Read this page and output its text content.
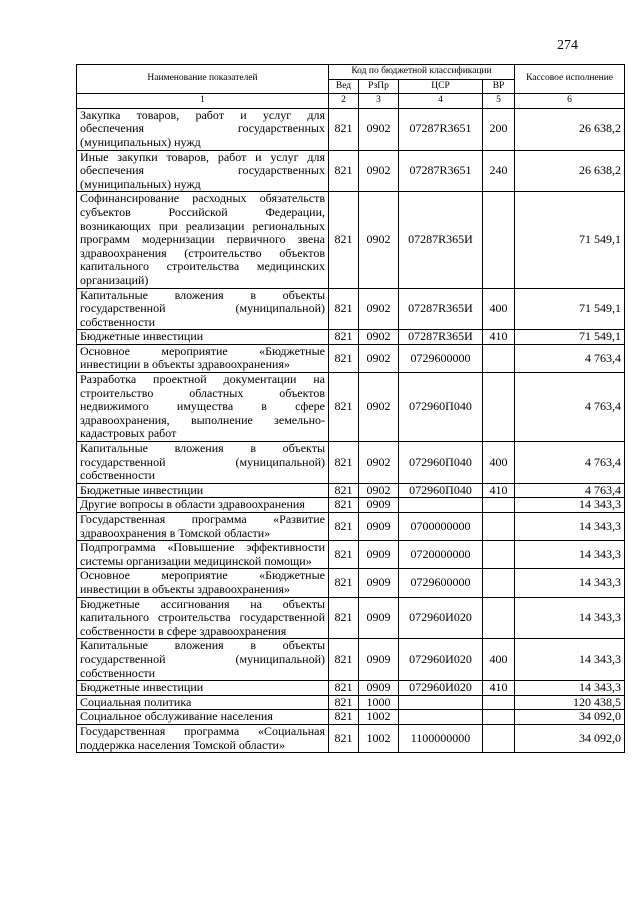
274
Наименование показателей	Код по бюджетной классификации				Кассовое исполнение
	Вед	РзПр	ЦСР	ВР	
1	2	3	4	5	6
Закупка товаров, работ и услуг для обеспечения государственных (муниципальных) нужд	821	0902	07287R3651	200	26 638,2
Иные закупки товаров, работ и услуг для обеспечения государственных (муниципальных) нужд	821	0902	07287R3651	240	26 638,2
Софинансирование расходных обязательств субъектов Российской Федерации, возникающих при реализации региональных программ модернизации первичного звена здравоохранения (строительство объектов капитального строительства медицинских организаций)	821	0902	07287R365И		71 549,1
Капитальные вложения в объекты государственной (муниципальной) собственности	821	0902	07287R365И	400	71 549,1
Бюджетные инвестиции	821	0902	07287R365И	410	71 549,1
Основное мероприятие «Бюджетные инвестиции в объекты здравоохранения»	821	0902	0729600000		4 763,4
Разработка проектной документации на строительство областных объектов недвижимого имущества в сфере здравоохранения, выполнение земельно-кадастровых работ	821	0902	072960П040		4 763,4
Капитальные вложения в объекты государственной (муниципальной) собственности	821	0902	072960П040	400	4 763,4
Бюджетные инвестиции	821	0902	072960П040	410	4 763,4
Другие вопросы в области здравоохранения	821	0909			14 343,3
Государственная программа «Развитие здравоохранения в Томской области»	821	0909	0700000000		14 343,3
Подпрограмма «Повышение эффективности системы организации медицинской помощи»	821	0909	0720000000		14 343,3
Основное мероприятие «Бюджетные инвестиции в объекты здравоохранения»	821	0909	0729600000		14 343,3
Бюджетные ассигнования на объекты капитального строительства государственной собственности в сфере здравоохранения	821	0909	072960И020		14 343,3
Капитальные вложения в объекты государственной (муниципальной) собственности	821	0909	072960И020	400	14 343,3
Бюджетные инвестиции	821	0909	072960И020	410	14 343,3
Социальная политика	821	1000			120 438,5
Социальное обслуживание населения	821	1002			34 092,0
Государственная программа «Социальная поддержка населения Томской области»	821	1002	1100000000		34 092,0
